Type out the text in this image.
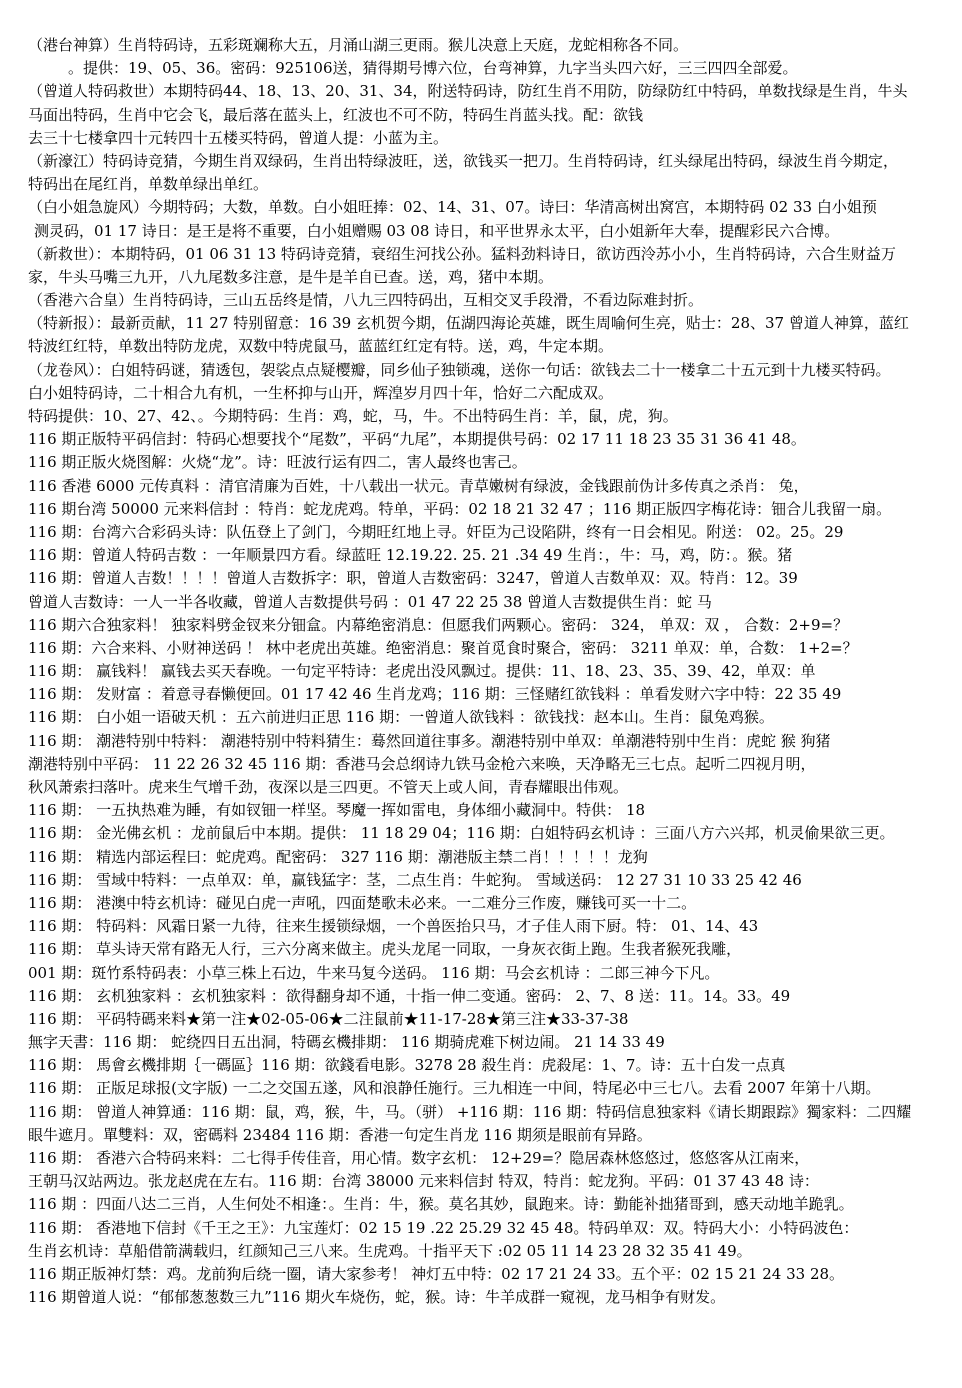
（港台神算）生肖特码诗，五彩斑斓称大五，月涌山湖三更雨。猴儿决意上天庭，龙蛇相称各不同。
。提供：19、05、36。密码：925106送，猜得期号博六位，台弯神算，九字当头四六好，三三四四全部爱。
（曾道人特码救世）本期特码44、18、13、20、31、34，附送特码诗，防红生肖不用防，防绿防红中特码，单数找绿是生肖，牛头
马面出特码，生肖中它会飞，最后落在蓝头上，红波也不可不防，特码生肖蓝头找。配：欲钱
去三十七楼拿四十元转四十五楼买特码，曾道人提：小蓝为主。
（新濠江）特码诗竞猜，今期生肖双绿码，生肖出特绿波旺，送，欲钱买一把刀。生肖特码诗，红头绿尾出特码，绿波生肖今期定，
特码出在尾红肖，单数单绿出单红。
（白小姐急旋风）今期特码；大数，单数。白小姐旺捧：02、14、31、07。诗曰：华清高树出窝宫，本期特码 02 33 白小姐预
测灵码，01 17 诗日：是王是将不重要，白小姐赠赐 03 08 诗日，和平世界永太平，白小姐新年大奉，提醒彩民六合博。
（新救世）：本期特码，01 06 31 13 特码诗竞猜，衰绍生河找公孙。猛料劲料诗日，欲访西泠苏小小，生肖特码诗，六合生财益万
家，牛头马嘴三九开，八九尾数多注意，是牛是羊自已查。送，鸡，猪中本期。
（香港六合皇）生肖特码诗，三山五岳终是情，八九三四特码出，互相交叉手段滑，不看边际难封折。
（特新报）：最新贡献，11 27 特别留意：16 39 玄机贺今期，伍湖四海论英雄，既生周喻何生亮，贴士：28、37 曾道人神算，蓝红
特波红红特，单数出特防龙虎，双数中特虎鼠马，蓝蓝红红定有特。送，鸡，牛定本期。
（龙卷风）：白姐特码谜，猜透包，袈裟点点疑樱瓣，同乡仙子独锁魂，送你一句话：欲钱去二十一楼拿二十五元到十九楼买特码。
白小姐特码诗，二十相合九有机，一生杯抑与山开，辉湟岁月四十年，恰好二六配成双。
特码提供：10、27、42、。今期特码：生肖：鸡，蛇，马，牛。不出特码生肖：羊，鼠，虎，狗。
116 期正版特平码信封：特码心想要找个“尾数”，平码“九尾”，本期提供号码：02 17 11 18 23 35 31 36 41 48。
116 期正版火烧图解：火烧“龙”。诗：旺波行运有四二，害人最终也害己。
116 香港 6000 元传真料 ：清官清廉为百姓，十八载出一状元。青草嫩树有绿波，金钱跟前伪计多传真之杀肖： 兔，
116 期台湾 50000 元来料信封 ：特肖：蛇龙虎鸡。特单，平码：02 18 21 32 47 ；116 期正版四字梅花诗：钿合儿我留一扇。
116 期：台湾六合彩码头诗：队伍登上了剑门，今期旺红地上寻。奸臣为己设陷阱，终有一日会相见。附送： 02。25。29
116 期：曾道人特码吉数 ：一年顺景四方看。绿蓝旺 12.19.22. 25. 21 .34 49 生肖：，牛：马，鸡，防：。猴。猪
116 期：曾道人吉数！！！！曾道人吉数拆字：职，曾道人吉数密码：3247，曾道人吉数单双：双。特肖：12。39
曾道人吉数诗：一人一半各收藏，曾道人吉数提供号码 ：01 47 22 25 38 曾道人吉数提供生肖：蛇 马
116 期六合独家料！ 独家料劈金钗来分钿盒。内幕绝密消息：但愿我们两颗心。密码： 324， 单双：双 ， 合数：2+9=？
116 期：六合来料、小财神送码 ！ 林中老虎出英雄。绝密消息：聚首觅食时聚合，密码： 3211 单双：单，合数： 1+2=？
116 期： 赢钱料！ 赢钱去买天春晚。一句定平特诗：老虎出没风飘过。提供：11、18、23、35、39、42，单双：单
116 期： 发财富 ：着意寻春懒便回。01 17 42 46 生肖龙鸡；116 期：三怪赌红欲钱料 ：单看发财六字中特：22 35 49
116 期： 白小姐一语破天机 ：五六前进归正思 116 期：一曾道人欲钱料 ：欲钱找：赵本山。生肖：鼠兔鸡猴。
116 期： 潮港特别中特料： 潮港特别中特料猜生：蓦然回道往事多。潮港特别中单双：单潮港特别中生肖：虎蛇 猴 狗猪
潮港特别中平码： 11 22 26 32 45 116 期：香港马会总纲诗九铁马金枪六来唤，天净略无三七点。起听二四视月明，
秋风萧索扫落叶。虎来生气增千劲，夜深以是三四更。不管天上或人间，青春耀眼出伟观。
116 期： 一五执热难为睡，有如钗钿一样坚。琴魔一挥如雷电，身体细小藏洞中。特供： 18
116 期： 金光佛玄机 ：龙前鼠后中本期。提供： 11 18 29 04；116 期：白姐特码玄机诗 ：三面八方六兴邦，机灵偷果欲三更。
116 期： 精选内部运程曰：蛇虎鸡。配密码： 327 116 期：潮港版主禁二肖！！！！！龙狗
116 期： 雪域中特料：一点单双：单，赢钱猛字：茎，二点生肖：牛蛇狗。 雪域送码： 12 27 31 10 33 25 42 46
116 期： 港澳中特玄机诗：碰见白虎一声吼，四面楚歌未必来。一二难分三作废，赚钱可买一十二。
116 期： 特码料：风霜日紧一九待，往来生援锁绿烟，一个兽医抬只马，才子佳人雨下厨。特： 01、14、43
116 期： 草头诗天常有路无人行，三六分离来做主。虎头龙尾一同取，一身灰衣街上跑。生我者猴死我雕，
001 期：斑竹系特码表：小草三株上石边，牛来马复今送码。 116 期：马会玄机诗 ：二郎三神今下凡。
116 期： 玄机独家料 ：玄机独家料 ：欲得翻身却不通，十指一伸二变通。密码： 2、7、8 送：11。14。33。49
116 期： 平码特碼来料★第一注★02-05-06★二注鼠前★11-17-28★第三注★33-37-38
無字天書：116 期： 蛇绕四日五出洞，特碼玄機排期： 116 期骑虎难下树边闹。 21 14 33 49
116 期： 馬會玄機排期｛一碼區｝116 期：欲錢看电影。3278 28 殺生肖：虎殺尾：1、7。诗：五十白发一点真
116 期： 正版足球报(文字版) 一二之交国五遂，风和浪静任施行。三九相连一中间，特尾必中三七八。去看 2007 年第十八期。
116 期： 曾道人神算通：116 期：鼠，鸡，猴，牛，马。（骈） +116 期：116 期：特码信息独家料《请长期跟踪》獨家料：二四耀
眼牛遮月。單雙料：双，密碼料 23484 116 期：香港一句定生肖龙 116 期须是眼前有异路。
116 期： 香港六合特码来料：二七得手传佳音，用心情。数字玄机： 12+29=？隐居森林悠悠过，悠悠客从江南来，
王朝马汉站两边。张龙赵虎在左右。116 期：台湾 38000 元来料信封 特双，特肖：蛇龙狗。平码：01 37 43 48 诗：
116 期 ：四面八达二三肖，人生何处不相逢：。生肖：牛，猴。莫名其妙，鼠跑来。诗：勤能补拙猪哥到，感天动地羊跪乳。
116 期： 香港地下信封《千王之王》：九宝莲灯：02 15 19 .22 25.29 32 45 48。特码单双：双。特码大小：小特码波色：
生肖玄机诗：草船借箭满载归，红颜知己三八来。生虎鸡。十指平天下 :02 05 11 14 23 28 32 35 41 49。
116 期正版神灯禁：鸡。龙前狗后绕一圈，请大家参考！ 神灯五中特：02 17 21 24 33。五个平：02 15 21 24 33 28。
116 期曾道人说：“郁郁葱葱数三九”116 期火车烧伤，蛇，猴。诗：牛羊成群一窥视，龙马相争有财发。
